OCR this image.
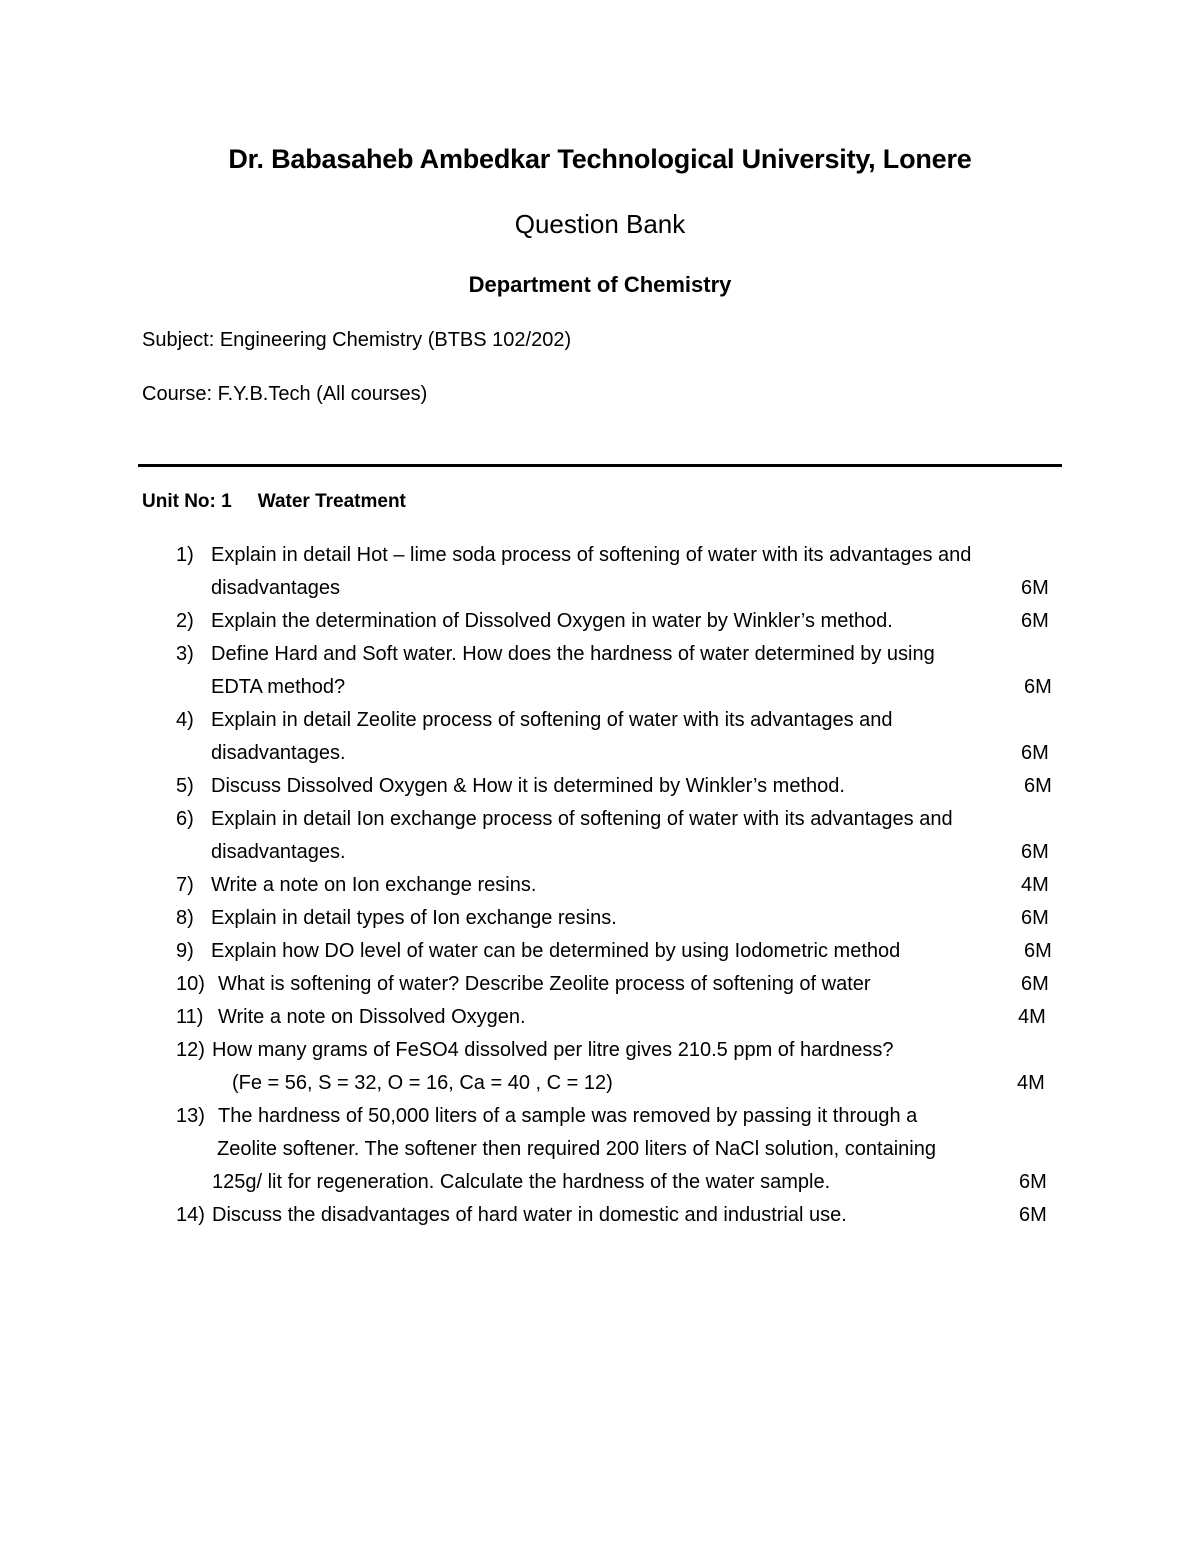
Dr. Babasaheb Ambedkar Technological University, Lonere
Question Bank
Department of Chemistry
Subject: Engineering Chemistry (BTBS 102/202)
Course: F.Y.B.Tech (All courses)
Unit No: 1 Water Treatment
1) Explain in detail Hot – lime soda process of softening of water with its advantages and
disadvantages	6M
2) Explain the determination of Dissolved Oxygen in water by Winkler’s method.	6M
3) Define Hard and Soft water. How does the hardness of water determined by using
EDTA method?	6M
4) Explain in detail Zeolite process of softening of water with its advantages and
disadvantages.	6M
5) Discuss Dissolved Oxygen & How it is determined by Winkler’s method.	6M
6) Explain in detail Ion exchange process of softening of water with its advantages and
disadvantages.	6M
7) Write a note on Ion exchange resins.	4M
8) Explain in detail types of Ion exchange resins.	6M
9) Explain how DO level of water can be determined by using Iodometric method	6M
10) What is softening of water? Describe Zeolite process of softening of water	6M
11) Write a note on Dissolved Oxygen.	4M
12) How many grams of FeSO4 dissolved per litre gives 210.5 ppm of hardness?
(Fe = 56, S = 32, O = 16, Ca = 40 , C = 12)	4M
13) The hardness of 50,000 liters of a sample was removed by passing it through a
Zeolite softener. The softener then required 200 liters of NaCl solution, containing
125g/ lit for regeneration. Calculate the hardness of the water sample.	6M
14) Discuss the disadvantages of hard water in domestic and industrial use.	6M
